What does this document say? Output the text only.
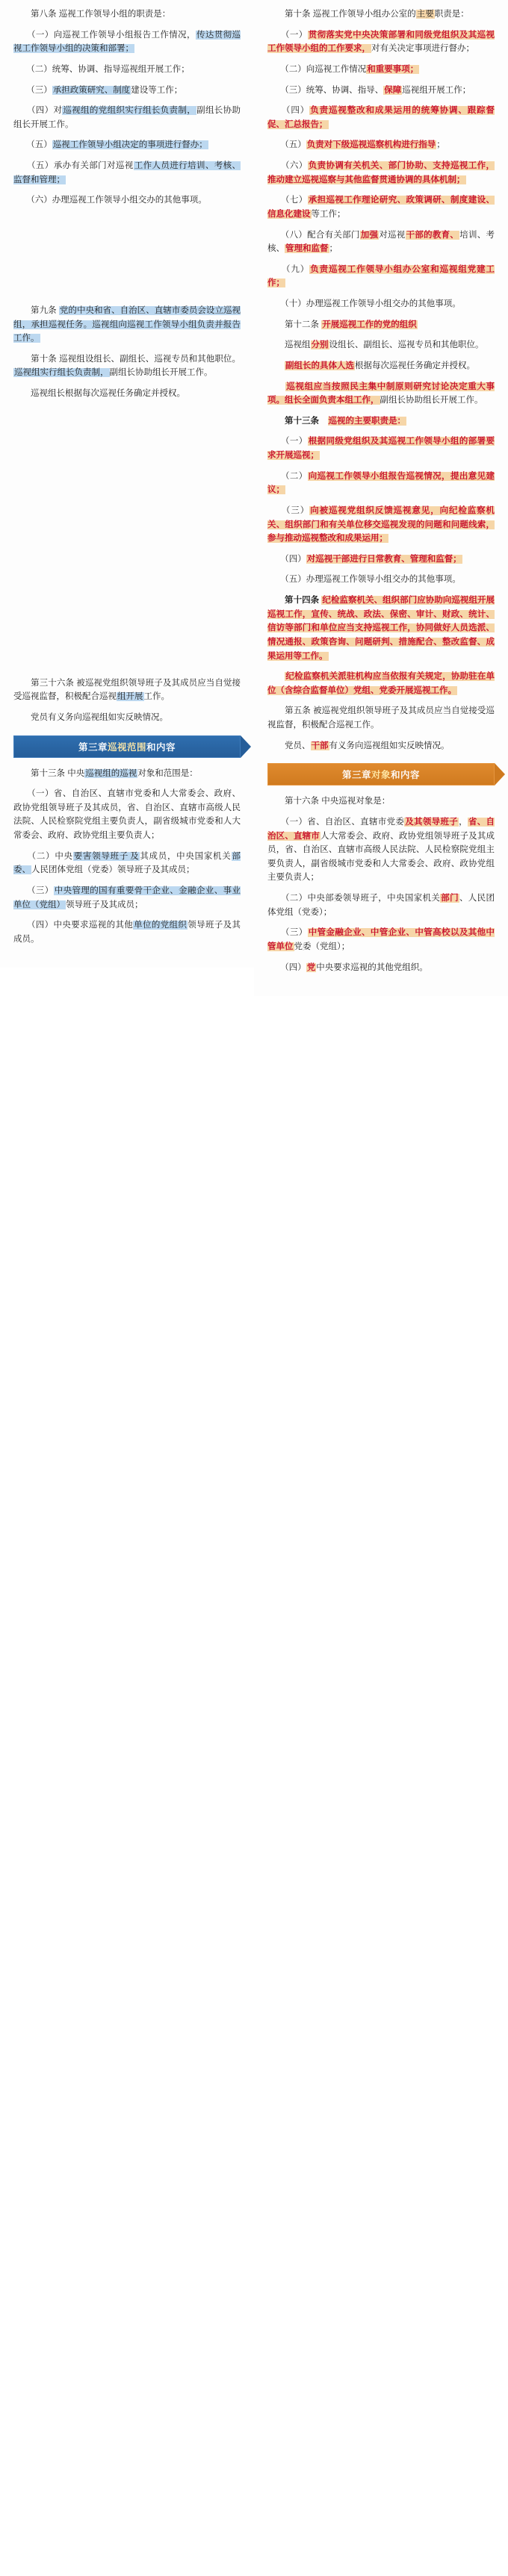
　　第八条 巡视工作领导小组的职责是：

　　（一）向巡视工作领导小组报告工作情况，传达贯彻巡视工作领导小组的决策和部署；

　　（二）统筹、协调、指导巡视组开展工作；

　　（三）承担政策研究、制度建设等工作；

　　（四）对巡视组的党组织实行组长负责制，副组长协助组长开展工作。

　　（五）巡视工作领导小组决定的事项进行督办；

　　（五）承办有关部门对巡视工作人员进行培训、考核、监督和管理；

　　（六）办理巡视工作领导小组交办的其他事项。

　　第九条 党的中央和省、自治区、直辖市委员会设立巡视组，承担巡视任务。巡视组向巡视工作领导小组负责并报告工作。

　　第十条 巡视组设组长、副组长、巡视专员和其他职位。巡视组实行组长负责制，副组长协助组长开展工作。

　　巡视组长根据每次巡视任务确定并授权。

　　第三十六条 被巡视党组织领导班子及其成员应当自觉接受巡视监督，积极配合巡视组开展工作。

　　党员有义务向巡视组如实反映情况。

第三章 巡视范围 和内容

　　第十三条 中央巡视组的巡视对象和范围是：

　　（一）省、自治区、直辖市党委和人大常委会、政府、政协党组领导班子及其成员，省、自治区、直辖市高级人民法院、人民检察院党组主要负责人，副省级城市党委和人大常委会、政府、政协党组主要负责人；

　　（二）中央要害领导班子 及其成员，中央国家机关部委、人民团体党组（党委）领导班子及其成员；

　　（三）中央管理的国有重要骨干企业、金融企业、事业单位（党组）领导班子及其成员；

　　（四）中央要求巡视的其他单位的党组织领导班子及其成员。

　　第十条 巡视工作领导小组办公室的主要职责是：

　　（一）贯彻落实党中央决策部署和同级党组织及其巡视工作领导小组的工作要求，对有关决定事项进行督办；

　　（二）向巡视工作情况和重要事项；

　　（三）统筹、协调、指导、保障巡视组开展工作；

　　（四）负责巡视整改和成果运用的统筹协调、跟踪督促、汇总报告；

　　（五）负责对下级巡视巡察机构进行指导；

　　（六）负责协调有关机关、部门协助、支持巡视工作，推动建立巡视巡察与其他监督贯通协调的具体机制；

　　（七）承担巡视工作理论研究、政策调研、制度建设、信息化建设等工作；

　　（八）配合有关部门加强对巡视干部的教育、培训、考核、管理和监督；

　　（九）负责巡视工作领导小组办公室和巡视组党建工作；

　　（十）办理巡视工作领导小组交办的其他事项。

　　第十二条 开展巡视工作的党的组织

　　巡视组分别设组长、副组长、巡视专员和其他职位。

　　副组长的具体人选根据每次巡视任务确定并授权。

　　巡视组应当按照民主集中制原则研究讨论决定重大事项。组长全面负责本组工作，副组长协助组长开展工作。

　　第十三条　巡视的主要职责是：

　　（一）根据同级党组织及其巡视工作领导小组的部署要求开展巡视；

　　（二）向巡视工作领导小组报告巡视情况，提出意见建议；

　　（三）向被巡视党组织反馈巡视意见，向纪检监察机关、组织部门和有关单位移交巡视发现的问题和问题线索，参与推动巡视整改和成果运用；

　　（四）对巡视干部进行日常教育、管理和监督；

　　（五）办理巡视工作领导小组交办的其他事项。

　　第十四条 纪检监察机关、组织部门应协助向巡视组开展巡视工作，宣传、统战、政法、保密、审计、财政、统计、信访等部门和单位应当支持巡视工作，协同做好人员选派、情况通报、政策咨询、问题研判、措施配合、整改监督、成果运用等工作。

　　纪检监察机关派驻机构应当依报有关规定，协助驻在单位（含综合监督单位）党组、党委开展巡视工作。

　　第五条 被巡视党组织领导班子及其成员应当自觉接受巡视监督，积极配合巡视工作。

　　党员、干部有义务向巡视组如实反映情况。

第三章 对象 和内容

　　第十六条 中央巡视对象是：

　　（一）省、自治区、直辖市党委及其领导班子，省、自治区、直辖市人大常委会、政府、政协党组领导班子及其成员，省、自治区、直辖市高级人民法院、人民检察院党组主要负责人，副省级城市党委和人大常委会、政府、政协党组主要负责人；

　　（二）中央部委领导班子，中央国家机关部门、人民团体党组（党委）；

　　（三）中管金融企业、中管企业、中管高校以及其他中管单位党委（党组）；

　　（四）党中央要求巡视的其他党组织。
